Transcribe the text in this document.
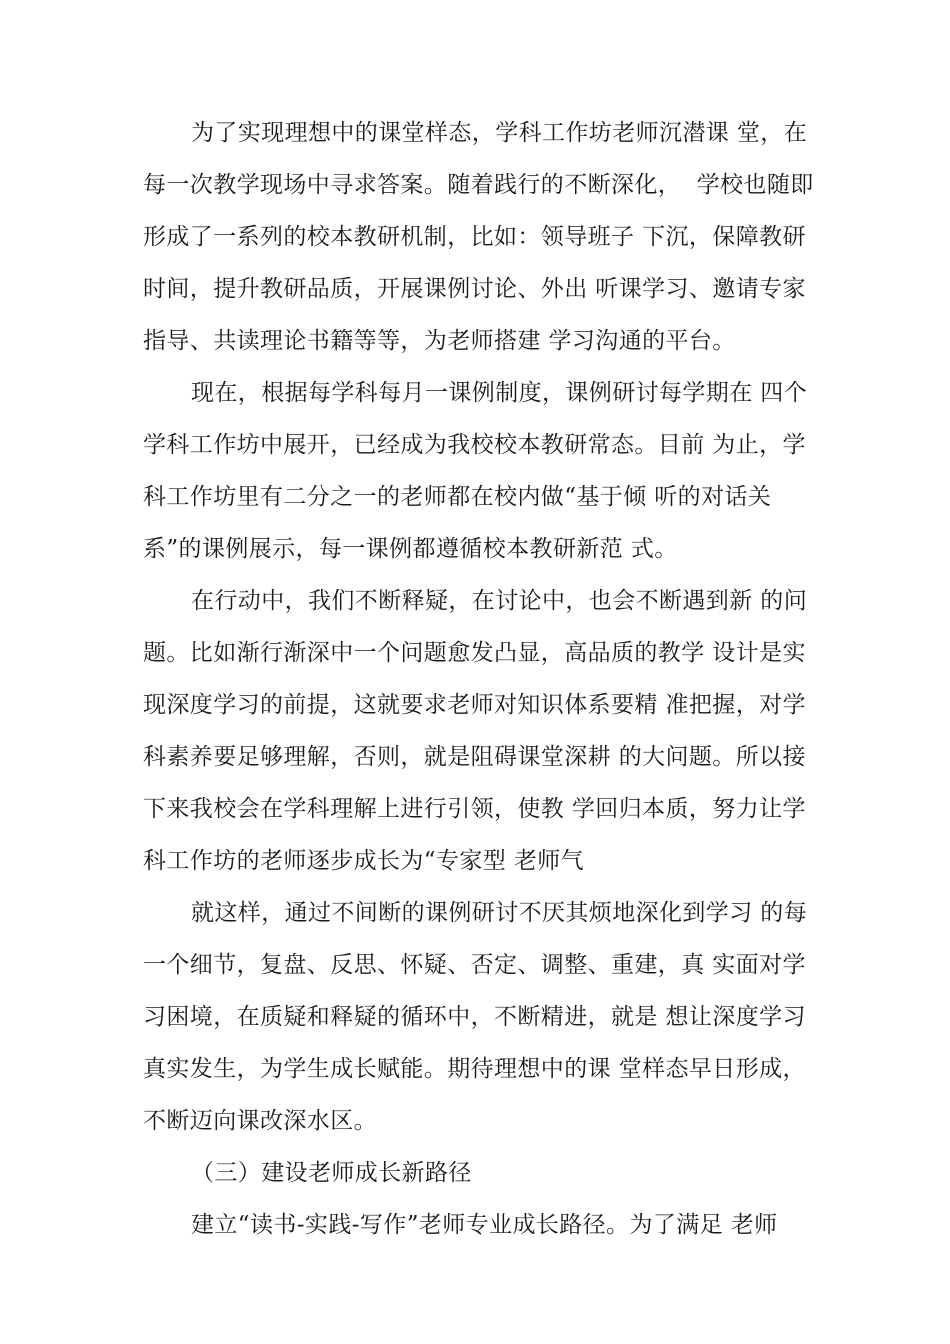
为了实现理想中的课堂样态，学科工作坊老师沉潜课 堂，在
每一次教学现场中寻求答案。随着践行的不断深化，  学校也随即
形成了一系列的校本教研机制，比如：领导班子 下沉，保障教研
时间，提升教研品质，开展课例讨论、外出 听课学习、邀请专家
指导、共读理论书籍等等，为老师搭建 学习沟通的平台。
现在，根据每学科每月一课例制度，课例研讨每学期在 四个
学科工作坊中展开，已经成为我校校本教研常态。目前 为止，学
科工作坊里有二分之一的老师都在校内做“基于倾 听的对话关
系”的课例展示，每一课例都遵循校本教研新范 式。
在行动中，我们不断释疑，在讨论中，也会不断遇到新 的问
题。比如渐行渐深中一个问题愈发凸显，高品质的教学 设计是实
现深度学习的前提，这就要求老师对知识体系要精 准把握，对学
科素养要足够理解，否则，就是阻碍课堂深耕 的大问题。所以接
下来我校会在学科理解上进行引领，使教 学回归本质，努力让学
科工作坊的老师逐步成长为“专家型 老师气
就这样，通过不间断的课例研讨不厌其烦地深化到学习 的每
一个细节，复盘、反思、怀疑、否定、调整、重建，真 实面对学
习困境，在质疑和释疑的循环中，不断精进，就是 想让深度学习
真实发生，为学生成长赋能。期待理想中的课 堂样态早日形成，
不断迈向课改深水区。
（三）建设老师成长新路径
建立“读书-实践-写作”老师专业成长路径。为了满足 老师
